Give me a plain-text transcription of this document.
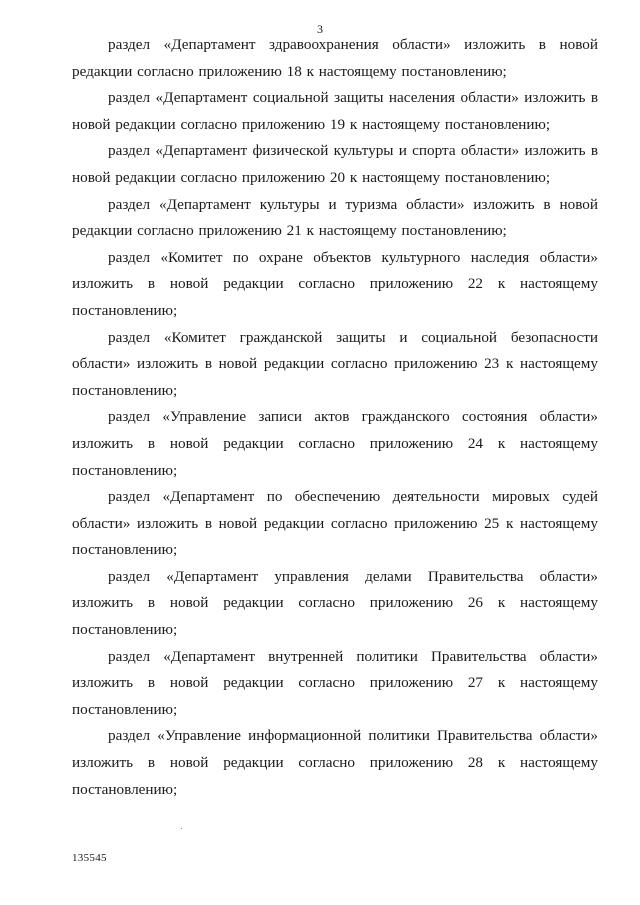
3

раздел «Департамент здравоохранения области» изложить в новой редакции согласно приложению 18 к настоящему постановлению;

раздел «Департамент социальной защиты населения области» изложить в новой редакции согласно приложению 19 к настоящему постановлению;

раздел «Департамент физической культуры и спорта области» изложить в новой редакции согласно приложению 20 к настоящему постановлению;

раздел «Департамент культуры и туризма области» изложить в новой редакции согласно приложению 21 к настоящему постановлению;

раздел «Комитет по охране объектов культурного наследия области» изложить в новой редакции согласно приложению 22 к настоящему постановлению;

раздел «Комитет гражданской защиты и социальной безопасности области» изложить в новой редакции согласно приложению 23 к настоящему постановлению;

раздел «Управление записи актов гражданского состояния области» изложить в новой редакции согласно приложению 24 к настоящему постановлению;

раздел «Департамент по обеспечению деятельности мировых судей области» изложить в новой редакции согласно приложению 25 к настоящему постановлению;

раздел «Департамент управления делами Правительства области» изложить в новой редакции согласно приложению 26 к настоящему постановлению;

раздел «Департамент внутренней политики Правительства области» изложить в новой редакции согласно приложению 27 к настоящему постановлению;

раздел «Управление информационной политики Правительства области» изложить в новой редакции согласно приложению 28 к настоящему постановлению;

135545
